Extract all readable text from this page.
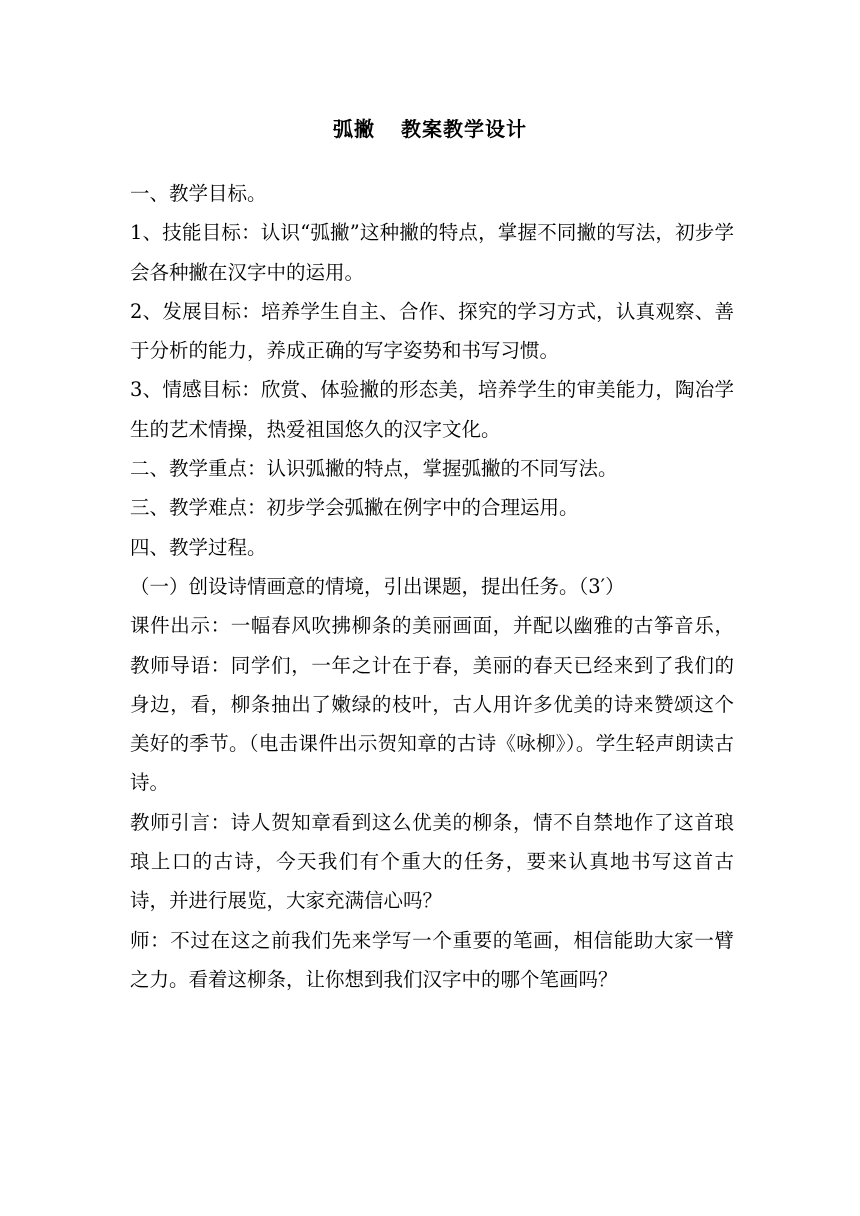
弧撇 教案教学设计

一、教学目标。

1、技能目标：认识“弧撇”这种撇的特点，掌握不同撇的写法，初步学会各种撇在汉字中的运用。

2、发展目标：培养学生自主、合作、探究的学习方式，认真观察、善于分析的能力，养成正确的写字姿势和书写习惯。

3、情感目标：欣赏、体验撇的形态美，培养学生的审美能力，陶冶学生的艺术情操，热爱祖国悠久的汉字文化。

二、教学重点：认识弧撇的特点，掌握弧撇的不同写法。

三、教学难点：初步学会弧撇在例字中的合理运用。

四、教学过程。

（一）创设诗情画意的情境，引出课题，提出任务。（3′）

课件出示：一幅春风吹拂柳条的美丽画面，并配以幽雅的古筝音乐，教师导语：同学们，一年之计在于春，美丽的春天已经来到了我们的身边，看，柳条抽出了嫩绿的枝叶，古人用许多优美的诗来赞颂这个美好的季节。（电击课件出示贺知章的古诗《咏柳》）。学生轻声朗读古诗。

教师引言：诗人贺知章看到这么优美的柳条，情不自禁地作了这首琅琅上口的古诗，今天我们有个重大的任务，要来认真地书写这首古诗，并进行展览，大家充满信心吗？

师：不过在这之前我们先来学写一个重要的笔画，相信能助大家一臂之力。看着这柳条，让你想到我们汉字中的哪个笔画吗？
